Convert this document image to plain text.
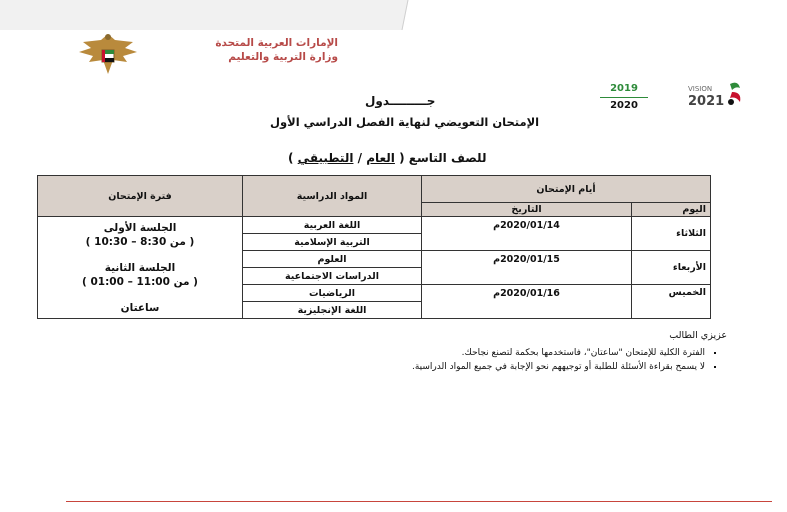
الإمارات العربية المتحدة
وزارة التربية والتعليم
2019
2020
VISION
2021
جـــــــــدول
الإمتحان التعويضي لنهاية الفصل الدراسي الأول
للصف التاسع ( العام / التطبيقي )
أيام الإمتحان		المواد الدراسية	فترة الإمتحان
اليوم	التاريخ		
الثلاثاء	2020/01/14م	اللغة العربية	الجلسة الأولى
( من 8:30 – 10:30 )
الجلسة الثانية
( من 11:00 – 01:00 )
ساعتان

		التربية الإسلامية	
الأربعاء	2020/01/15م	العلوم	
		الدراسات الاجتماعية	
الخميس	2020/01/16م	الرياضيات	
		اللغة الإنجليزية	
عزيزي الطالب
▪ الفترة الكلية للإمتحان "ساعتان"، فاستخدمها بحكمة لتصنع نجاحك.
▪ لا يسمح بقراءة الأسئلة للطلبة أو توجيههم نحو الإجابة في جميع المواد الدراسية.
